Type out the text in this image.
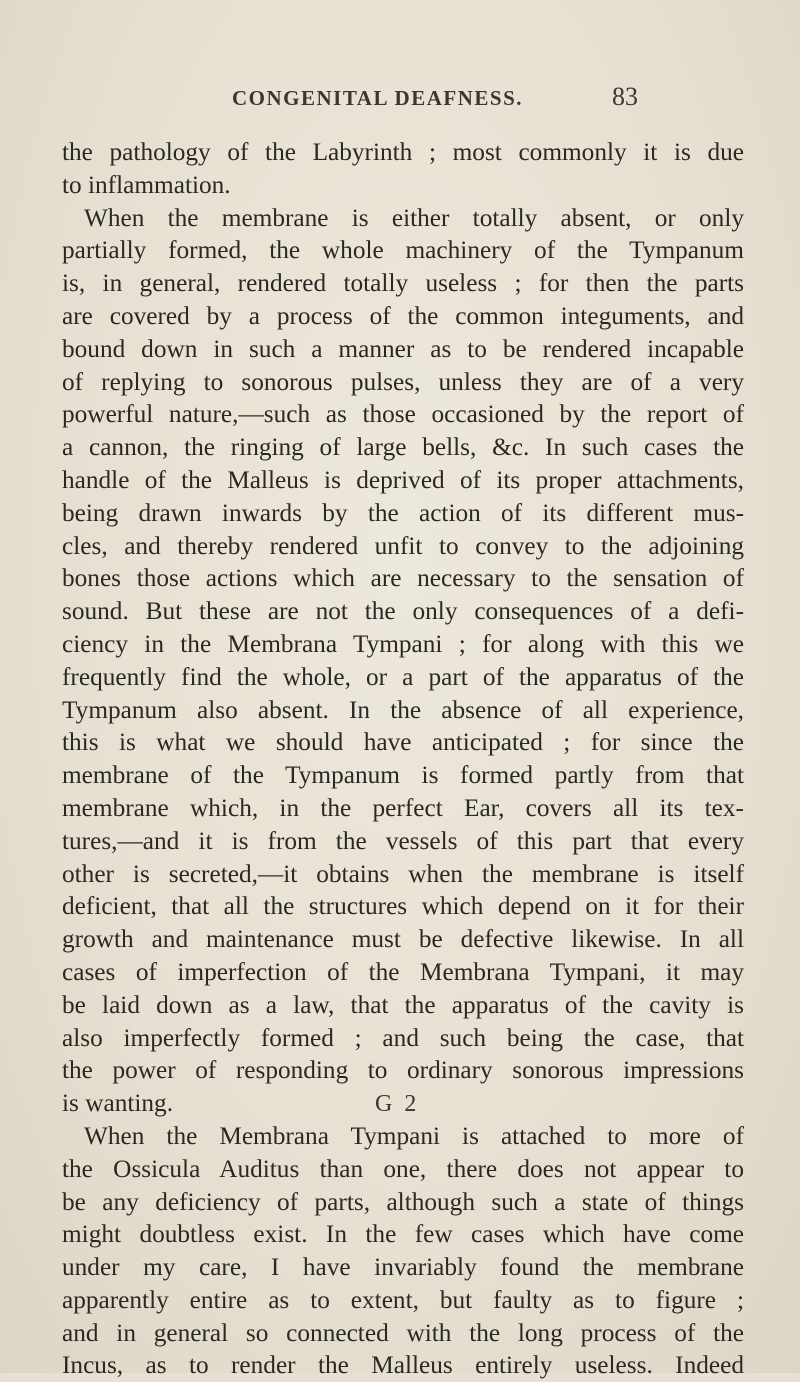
CONGENITAL DEAFNESS.	83
the pathology of the Labyrinth ; most commonly it is due
to inflammation.
When the membrane is either totally absent, or only
partially formed, the whole machinery of the Tympanum
is, in general, rendered totally useless ; for then the parts
are covered by a process of the common integuments, and
bound down in such a manner as to be rendered incapable
of replying to sonorous pulses, unless they are of a very
powerful nature,—such as those occasioned by the report of
a cannon, the ringing of large bells, &c. In such cases the
handle of the Malleus is deprived of its proper attachments,
being drawn inwards by the action of its different mus-
cles, and thereby rendered unfit to convey to the adjoining
bones those actions which are necessary to the sensation of
sound. But these are not the only consequences of a defi-
ciency in the Membrana Tympani ; for along with this we
frequently find the whole, or a part of the apparatus of the
Tympanum also absent. In the absence of all experience,
this is what we should have anticipated ; for since the
membrane of the Tympanum is formed partly from that
membrane which, in the perfect Ear, covers all its tex-
tures,—and it is from the vessels of this part that every
other is secreted,—it obtains when the membrane is itself
deficient, that all the structures which depend on it for their
growth and maintenance must be defective likewise. In all
cases of imperfection of the Membrana Tympani, it may
be laid down as a law, that the apparatus of the cavity is
also imperfectly formed ; and such being the case, that
the power of responding to ordinary sonorous impressions
is wanting.
When the Membrana Tympani is attached to more of
the Ossicula Auditus than one, there does not appear to
be any deficiency of parts, although such a state of things
might doubtless exist. In the few cases which have come
under my care, I have invariably found the membrane
apparently entire as to extent, but faulty as to figure ;
and in general so connected with the long process of the
Incus, as to render the Malleus entirely useless. Indeed
G 2
